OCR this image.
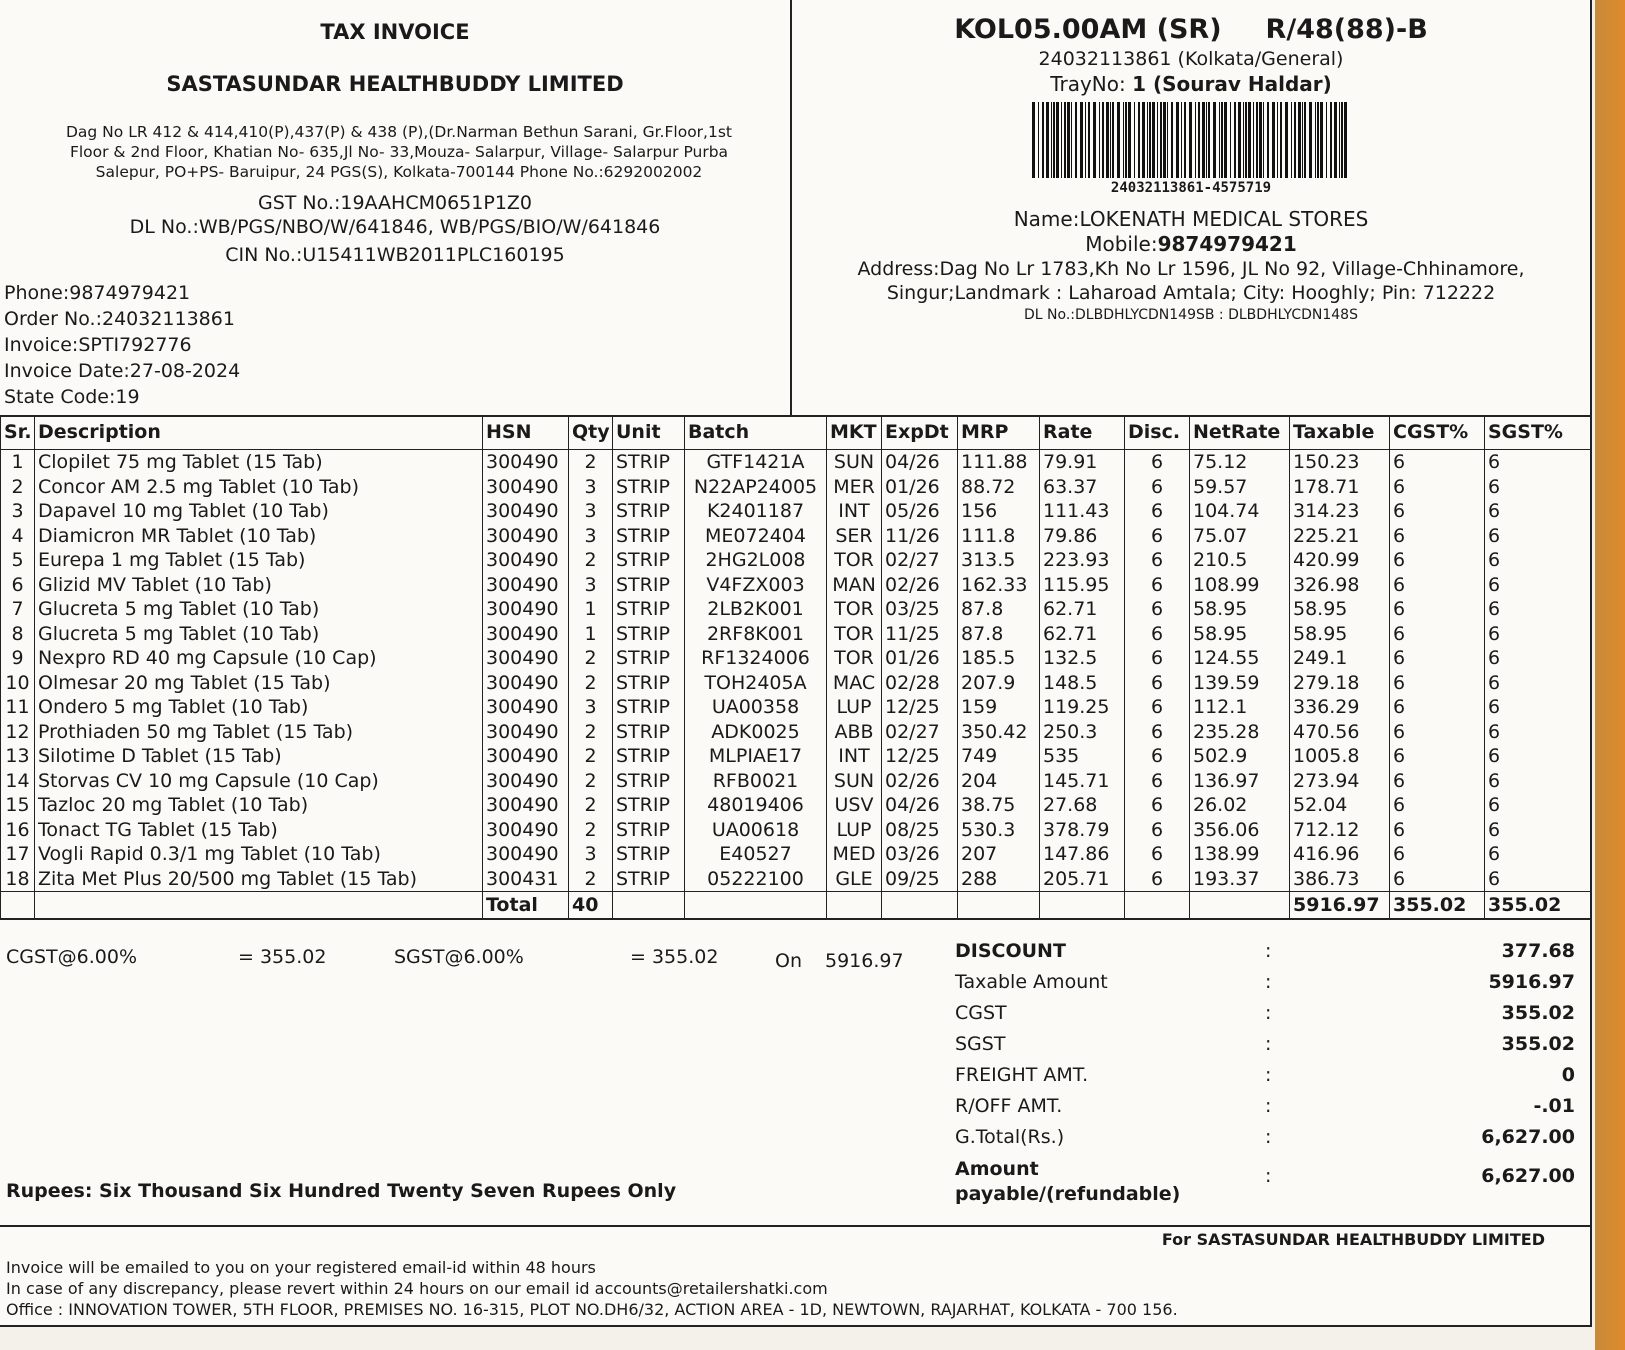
TAX INVOICE
SASTASUNDAR HEALTHBUDDY LIMITED
Dag No LR 412 & 414,410(P),437(P) & 438 (P),(Dr.Narman Bethun Sarani, Gr.Floor,1st
Floor & 2nd Floor, Khatian No- 635,Jl No- 33,Mouza- Salarpur, Village- Salarpur Purba
Salepur, PO+PS- Baruipur, 24 PGS(S), Kolkata-700144 Phone No.:6292002002
GST No.:19AAHCM0651P1Z0
DL No.:WB/PGS/NBO/W/641846, WB/PGS/BIO/W/641846
CIN No.:U15411WB2011PLC160195
Phone:9874979421
Order No.:24032113861
Invoice:SPTI792776
Invoice Date:27-08-2024
State Code:19
KOL05.00AM (SR) R/48(88)-B
24032113861 (Kolkata/General)
TrayNo: 1 (Sourav Haldar)
24032113861-4575719
Name:LOKENATH MEDICAL STORES
Mobile:9874979421
Address:Dag No Lr 1783,Kh No Lr 1596, JL No 92, Village-Chhinamore,
Singur;Landmark : Laharoad Amtala; City: Hooghly; Pin: 712222
DL No.:DLBDHLYCDN149SB : DLBDHLYCDN148S
Sr.	Description	HSN	Qty	Unit	Batch	MKT	ExpDt	MRP	Rate	Disc.	NetRate	Taxable	CGST%	SGST%
1	Clopilet 75 mg Tablet (15 Tab)	300490	2	STRIP	GTF1421A	SUN	04/26	111.88	79.91	6	75.12	150.23	6	6
2	Concor AM 2.5 mg Tablet (10 Tab)	300490	3	STRIP	N22AP24005	MER	01/26	88.72	63.37	6	59.57	178.71	6	6
3	Dapavel 10 mg Tablet (10 Tab)	300490	3	STRIP	K2401187	INT	05/26	156	111.43	6	104.74	314.23	6	6
4	Diamicron MR Tablet (10 Tab)	300490	3	STRIP	ME072404	SER	11/26	111.8	79.86	6	75.07	225.21	6	6
5	Eurepa 1 mg Tablet (15 Tab)	300490	2	STRIP	2HG2L008	TOR	02/27	313.5	223.93	6	210.5	420.99	6	6
6	Glizid MV Tablet (10 Tab)	300490	3	STRIP	V4FZX003	MAN	02/26	162.33	115.95	6	108.99	326.98	6	6
7	Glucreta 5 mg Tablet (10 Tab)	300490	1	STRIP	2LB2K001	TOR	03/25	87.8	62.71	6	58.95	58.95	6	6
8	Glucreta 5 mg Tablet (10 Tab)	300490	1	STRIP	2RF8K001	TOR	11/25	87.8	62.71	6	58.95	58.95	6	6
9	Nexpro RD 40 mg Capsule (10 Cap)	300490	2	STRIP	RF1324006	TOR	01/26	185.5	132.5	6	124.55	249.1	6	6
10	Olmesar 20 mg Tablet (15 Tab)	300490	2	STRIP	TOH2405A	MAC	02/28	207.9	148.5	6	139.59	279.18	6	6
11	Ondero 5 mg Tablet (10 Tab)	300490	3	STRIP	UA00358	LUP	12/25	159	119.25	6	112.1	336.29	6	6
12	Prothiaden 50 mg Tablet (15 Tab)	300490	2	STRIP	ADK0025	ABB	02/27	350.42	250.3	6	235.28	470.56	6	6
13	Silotime D Tablet (15 Tab)	300490	2	STRIP	MLPIAE17	INT	12/25	749	535	6	502.9	1005.8	6	6
14	Storvas CV 10 mg Capsule (10 Cap)	300490	2	STRIP	RFB0021	SUN	02/26	204	145.71	6	136.97	273.94	6	6
15	Tazloc 20 mg Tablet (10 Tab)	300490	2	STRIP	48019406	USV	04/26	38.75	27.68	6	26.02	52.04	6	6
16	Tonact TG Tablet (15 Tab)	300490	2	STRIP	UA00618	LUP	08/25	530.3	378.79	6	356.06	712.12	6	6
17	Vogli Rapid 0.3/1 mg Tablet (10 Tab)	300490	3	STRIP	E40527	MED	03/26	207	147.86	6	138.99	416.96	6	6
18	Zita Met Plus 20/500 mg Tablet (15 Tab)	300431	2	STRIP	05222100	GLE	09/25	288	205.71	6	193.37	386.73	6	6
		Total	40									5916.97	355.02	355.02
CGST@6.00%	= 355.02	SGST@6.00%	= 355.02	On 5916.97	DISCOUNT	:	377.68
Taxable Amount	:	5916.97
CGST	:	355.02
SGST	:	355.02
FREIGHT AMT.	:	0
R/OFF AMT.	:	-.01
G.Total(Rs.)	:	6,627.00
Amount
payable/(refundable)
:	6,627.00
Rupees: Six Thousand Six Hundred Twenty Seven Rupees Only
For SASTASUNDAR HEALTHBUDDY LIMITED
Invoice will be emailed to you on your registered email-id within 48 hours
In case of any discrepancy, please revert within 24 hours on our email id accounts@retailershatki.com
Office : INNOVATION TOWER, 5TH FLOOR, PREMISES NO. 16-315, PLOT NO.DH6/32, ACTION AREA - 1D, NEWTOWN, RAJARHAT, KOLKATA - 700 156.
